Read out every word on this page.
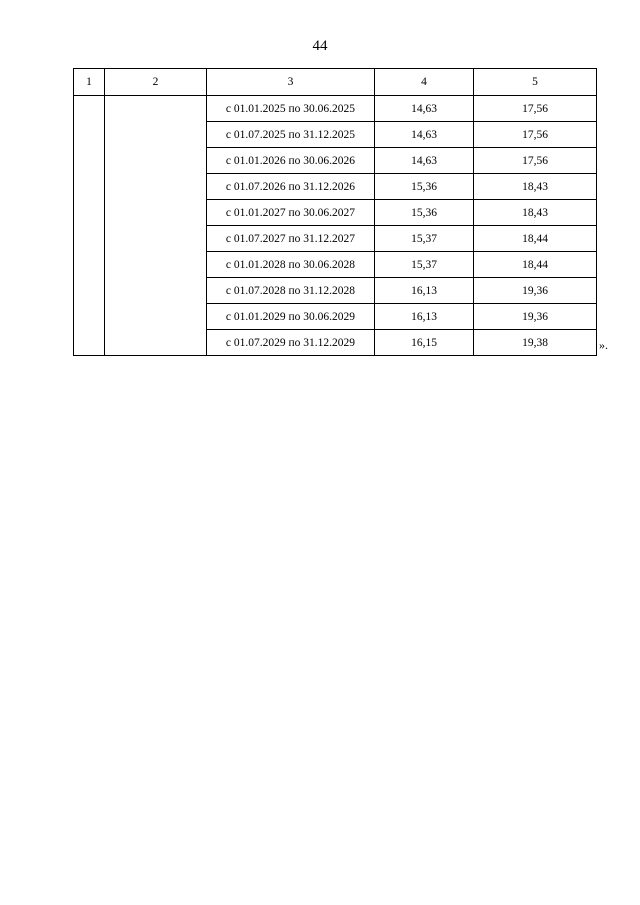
44
1	2	3	4	5
		с 01.01.2025 по 30.06.2025	14,63	17,56
		с 01.07.2025 по 31.12.2025	14,63	17,56
		с 01.01.2026 по 30.06.2026	14,63	17,56
		с 01.07.2026 по 31.12.2026	15,36	18,43
		с 01.01.2027 по 30.06.2027	15,36	18,43
		с 01.07.2027 по 31.12.2027	15,37	18,44
		с 01.01.2028 по 30.06.2028	15,37	18,44
		с 01.07.2028 по 31.12.2028	16,13	19,36
		с 01.01.2029 по 30.06.2029	16,13	19,36
		с 01.07.2029 по 31.12.2029	16,15	19,38	».
